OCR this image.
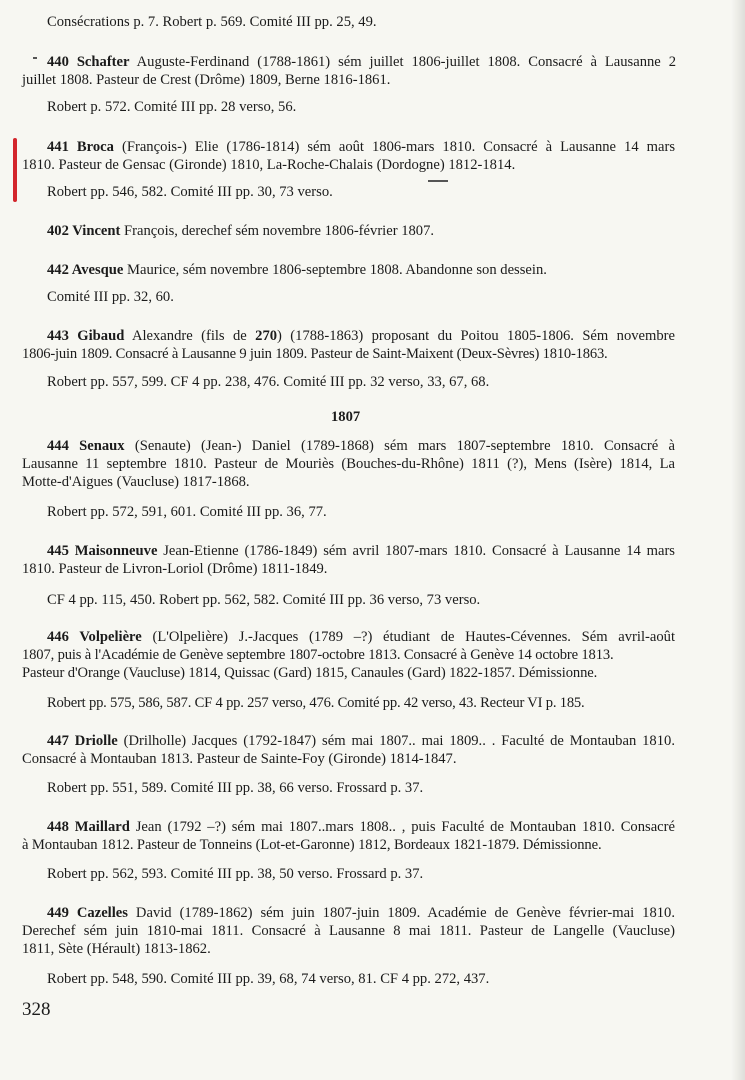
Consécrations p. 7. Robert p. 569. Comité III pp. 25, 49.
440 Schafter Auguste-Ferdinand (1788-1861) sém juillet 1806-juillet 1808. Consacré à Lausanne 2
juillet 1808. Pasteur de Crest (Drôme) 1809, Berne 1816-1861.
Robert p. 572. Comité III pp. 28 verso, 56.
441 Broca (François-) Elie (1786-1814) sém août 1806-mars 1810. Consacré à Lausanne 14 mars
1810. Pasteur de Gensac (Gironde) 1810, La-Roche-Chalais (Dordogne) 1812-1814.
Robert pp. 546, 582. Comité III pp. 30, 73 verso.
402 Vincent François, derechef sém novembre 1806-février 1807.
442 Avesque Maurice, sém novembre 1806-septembre 1808. Abandonne son dessein.
Comité III pp. 32, 60.
443 Gibaud Alexandre (fils de 270) (1788-1863) proposant du Poitou 1805-1806. Sém novembre
1806-juin 1809. Consacré à Lausanne 9 juin 1809. Pasteur de Saint-Maixent (Deux-Sèvres) 1810-1863.
Robert pp. 557, 599. CF 4 pp. 238, 476. Comité III pp. 32 verso, 33, 67, 68.
1807
444 Senaux (Senaute) (Jean-) Daniel (1789-1868) sém mars 1807-septembre 1810. Consacré à
Lausanne 11 septembre 1810. Pasteur de Mouriès (Bouches-du-Rhône) 1811 (?), Mens (Isère) 1814, La
Motte-d'Aigues (Vaucluse) 1817-1868.
Robert pp. 572, 591, 601. Comité III pp. 36, 77.
445 Maisonneuve Jean-Etienne (1786-1849) sém avril 1807-mars 1810. Consacré à Lausanne 14 mars
1810. Pasteur de Livron-Loriol (Drôme) 1811-1849.
CF 4 pp. 115, 450. Robert pp. 562, 582. Comité III pp. 36 verso, 73 verso.
446 Volpelière (L'Olpelière) J.-Jacques (1789 –?) étudiant de Hautes-Cévennes. Sém avril-août
1807, puis à l'Académie de Genève septembre 1807-octobre 1813. Consacré à Genève 14 octobre 1813.
Pasteur d'Orange (Vaucluse) 1814, Quissac (Gard) 1815, Canaules (Gard) 1822-1857. Démissionne.
Robert pp. 575, 586, 587. CF 4 pp. 257 verso, 476. Comité pp. 42 verso, 43. Recteur VI p. 185.
447 Driolle (Drilholle) Jacques (1792-1847) sém mai 1807.. mai 1809.. . Faculté de Montauban 1810.
Consacré à Montauban 1813. Pasteur de Sainte-Foy (Gironde) 1814-1847.
Robert pp. 551, 589. Comité III pp. 38, 66 verso. Frossard p. 37.
448 Maillard Jean (1792 –?) sém mai 1807..mars 1808.. , puis Faculté de Montauban 1810. Consacré
à Montauban 1812. Pasteur de Tonneins (Lot-et-Garonne) 1812, Bordeaux 1821-1879. Démissionne.
Robert pp. 562, 593. Comité III pp. 38, 50 verso. Frossard p. 37.
449 Cazelles David (1789-1862) sém juin 1807-juin 1809. Académie de Genève février-mai 1810.
Derechef sém juin 1810-mai 1811. Consacré à Lausanne 8 mai 1811. Pasteur de Langelle (Vaucluse)
1811, Sète (Hérault) 1813-1862.
Robert pp. 548, 590. Comité III pp. 39, 68, 74 verso, 81. CF 4 pp. 272, 437.
328
